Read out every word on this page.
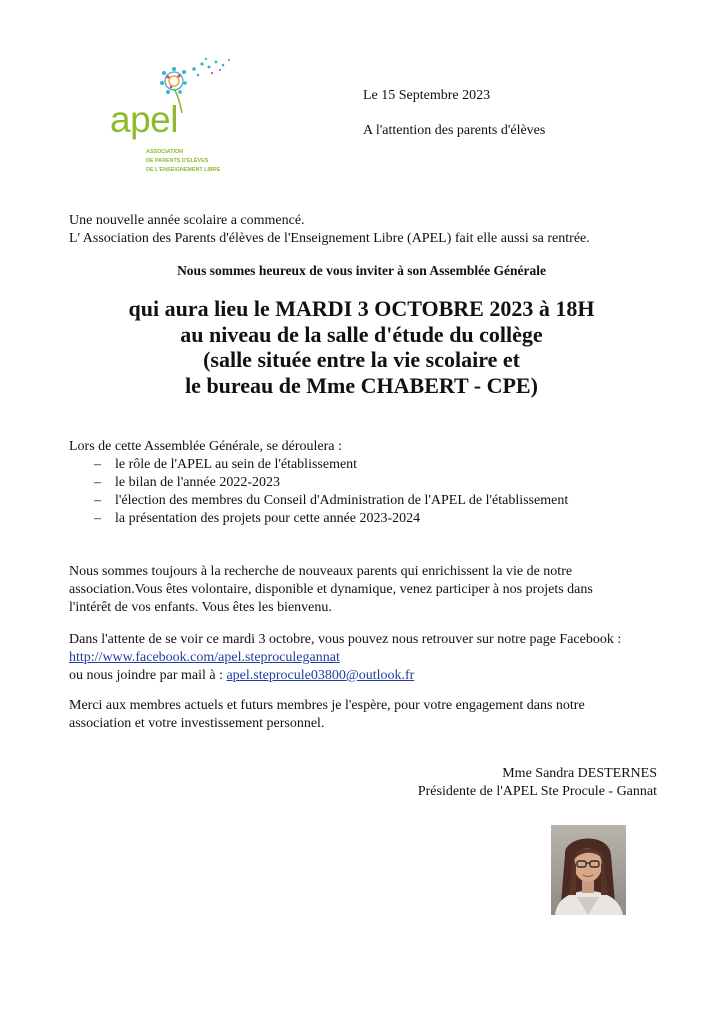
apel

ASSOCIATION
DE PARENTS D'ÉLÈVES
DE L'ENSEIGNEMENT LIBRE

Le 15 Septembre 2023

A l'attention des parents d'élèves

Une nouvelle année scolaire a commencé.

L' Association des Parents d'élèves de l'Enseignement Libre (APEL) fait elle aussi sa rentrée.

Nous sommes heureux de vous inviter à son Assemblée Générale

qui aura lieu le MARDI 3 OCTOBRE 2023 à 18H
au niveau de la salle d'étude du collège
(salle située entre la vie scolaire et
le bureau de Mme CHABERT - CPE)

Lors de cette Assemblée Générale, se déroulera :

– le rôle de l'APEL au sein de l'établissement
– le bilan de l'année 2022-2023
– l'élection des membres du Conseil d'Administration de l'APEL de l'établissement
– la présentation des projets pour cette année 2023-2024

Nous sommes toujours à la recherche de nouveaux parents qui enrichissent la vie de notre

association.Vous êtes volontaire, disponible et dynamique, venez participer à nos projets dans

l'intérêt de vos enfants. Vous êtes les bienvenu.

Dans l'attente de se voir ce mardi 3 octobre, vous pouvez nous retrouver sur notre page Facebook :

http://www.facebook.com/apel.steproculegannat

ou nous joindre par mail à : apel.steprocule03800@outlook.fr

Merci aux membres actuels et futurs membres je l'espère, pour votre engagement dans notre

association et votre investissement personnel.

Mme Sandra DESTERNES

Présidente de l'APEL Ste Procule - Gannat
